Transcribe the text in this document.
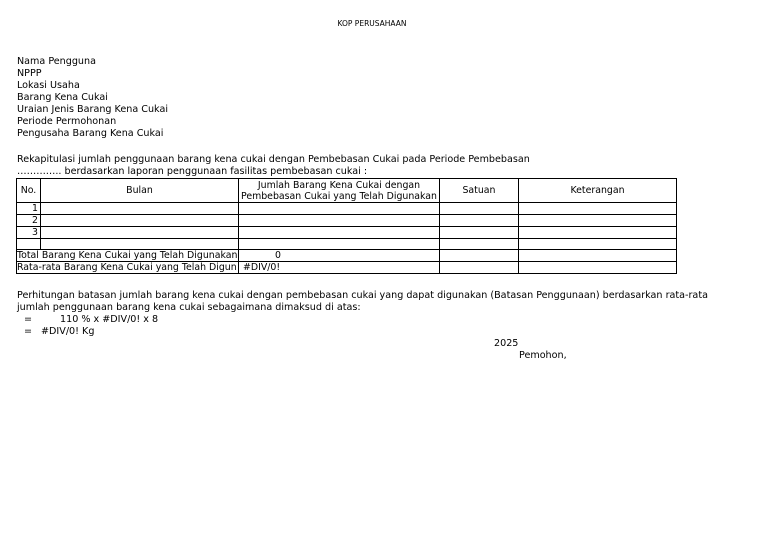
KOP PERUSAHAAN
Nama Pengguna
NPPP
Lokasi Usaha
Barang Kena Cukai
Uraian Jenis Barang Kena Cukai
Periode Permohonan
Pengusaha Barang Kena Cukai
Rekapitulasi jumlah penggunaan barang kena cukai dengan Pembebasan Cukai pada Periode Pembebasan
………….. berdasarkan laporan penggunaan fasilitas pembebasan cukai :
No.	Bulan	Jumlah Barang Kena Cukai dengan Pembebasan Cukai yang Telah Digunakan	Satuan	Keterangan
1				
2				
3				

Total Barang Kena Cukai yang Telah Digunakan		0		
Rata-rata Barang Kena Cukai yang Telah Digun		#DIV/0!		
Perhitungan batasan jumlah barang kena cukai dengan pembebasan cukai yang dapat digunakan (Batasan Penggunaan) berdasarkan rata-rata
jumlah penggunaan barang kena cukai sebagaimana dimaksud di atas:
=	110 % x #DIV/0! x 8
= #DIV/0! Kg
2025
Pemohon,
